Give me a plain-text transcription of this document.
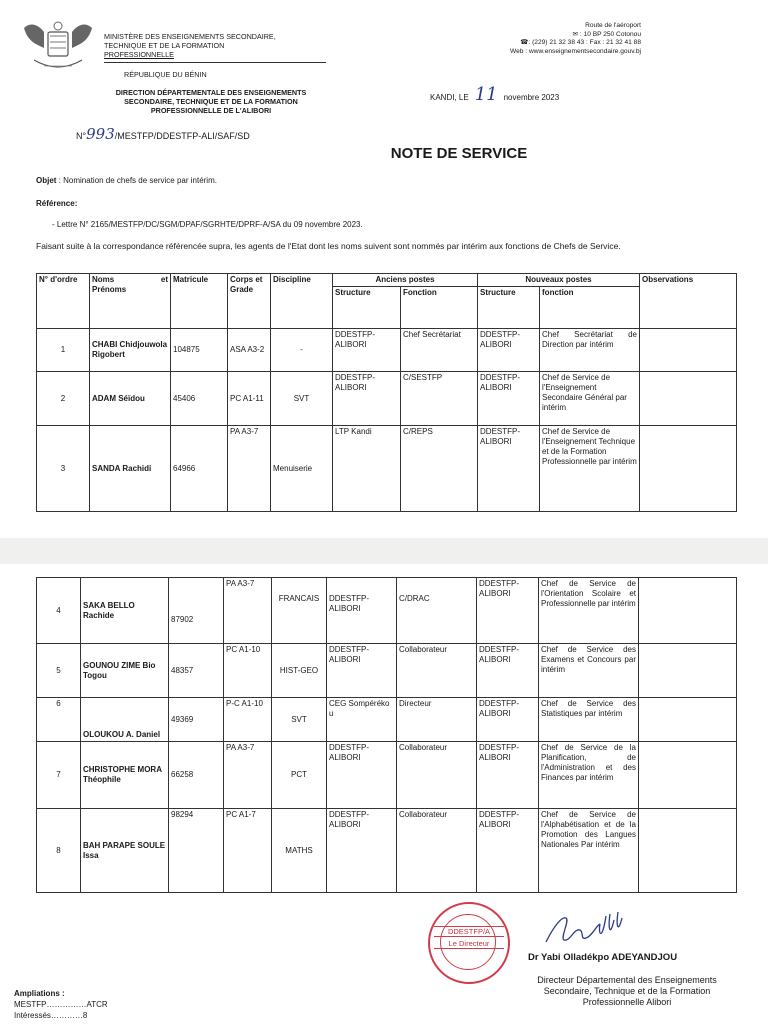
MINISTÈRE DES ENSEIGNEMENTS SECONDAIRE,
TECHNIQUE ET DE LA FORMATION
PROFESSIONNELLE
RÉPUBLIQUE DU BÉNIN
DIRECTION DÉPARTEMENTALE DES ENSEIGNEMENTS
SECONDAIRE, TECHNIQUE ET DE LA FORMATION
PROFESSIONNELLE DE L'ALIBORI
N°993/MESTFP/DDESTFP-ALI/SAF/SD
Route de l'aéroport
✉ : 10 BP 250 Cotonou
☎: (229) 21 32 38 43 : Fax : 21 32 41 88
Web : www.enseignementsecondaire.gouv.bj
KANDI, LE 11 novembre 2023
NOTE DE SERVICE
Objet : Nomination de chefs de service par intérim.
Référence:
- Lettre N° 2165/MESTFP/DC/SGM/DPAF/SGRHTE/DPRF-A/SA du 09 novembre 2023.
Faisant suite à la correspondance référencée supra, les agents de l'Etat dont les noms suivent sont nommés par intérim aux fonctions de Chefs de Service.
N° d'ordre	Noms et
Prénoms	Matricule	Corps et Grade	Discipline	Anciens postes		Nouveaux postes		Observations
					Structure	Fonction	Structure	fonction	
1	CHABI Chidjouwola Rigobert	104875	ASA A3-2	-	DDESTFP-ALIBORI	Chef Secrétariat	DDESTFP-ALIBORI	Chef Secrétariat de Direction par intérim	
2	ADAM Séïdou	45406	PC A1-11	SVT	DDESTFP-ALIBORI	C/SESTFP	DDESTFP-ALIBORI	Chef de Service de l'Enseignement Secondaire Général par intérim	
3	SANDA Rachidi	64966	PA A3-7	Menuiserie	LTP Kandi	C/REPS	DDESTFP-ALIBORI	Chef de Service de l'Enseignement Technique et de la Formation Professionnelle par intérim	
4	SAKA BELLO Rachide	87902	PA A3-7	FRANCAIS	DDESTFP-ALIBORI	C/DRAC	DDESTFP-ALIBORI	Chef de Service de l'Orientation Scolaire et Professionnelle par intérim	
5	GOUNOU ZIME Bio Togou	48357	PC A1-10	HIST-GEO	DDESTFP-ALIBORI	Collaborateur	DDESTFP-ALIBORI	Chef de Service des Examens et Concours par intérim	
6	OLOUKOU A. Daniel	49369	P-C A1-10	SVT	CEG Sompéréko u	Directeur	DDESTFP-ALIBORI	Chef de Service des Statistiques par intérim	
7	CHRISTOPHE MORA Théophile	66258	PA A3-7	PCT	DDESTFP-ALIBORI	Collaborateur	DDESTFP-ALIBORI	Chef de Service de la Planification, de l'Administration et des Finances par intérim	
8	BAH PARAPE SOULE Issa	98294	PC A1-7	MATHS	DDESTFP-ALIBORI	Collaborateur	DDESTFP-ALIBORI	Chef de Service de l'Alphabétisation et de la Promotion des Langues Nationales Par intérim	
DDESTFP/A
Le Directeur
Dr Yabi Olladékpo ADEYANDJOU
Directeur Départemental des Enseignements
Secondaire, Technique et de la Formation
Professionnelle Alibori
Ampliations :
MESTFP……………ATCR
Intéressés…………8
